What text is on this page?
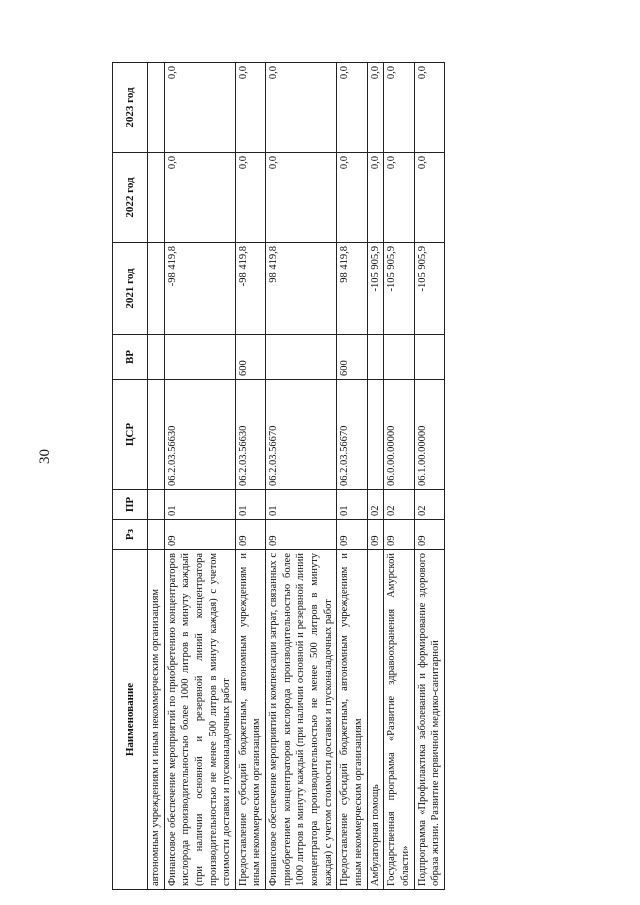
30
Наименование	Рз	ПР	ЦСР	ВР	2021 год	2022 год	2023 год
автономным учреждениям и иным некоммерческим организациям							
Финансовое обеспечение мероприятий по приобретению концентраторов кислорода производительностью более 1000 литров в минуту каждый (при наличии основной и резервной линий концентратора производительностью не менее 500 литров в минуту каждая) с учетом стоимости доставки и пусконаладочных работ	09	01	06.2.03.56630		-98 419,8	0,0	0,0
Предоставление субсидий бюджетным, автономным учреждениям и иным некоммерческим организациям	09	01	06.2.03.56630	600	-98 419,8	0,0	0,0
Финансовое обеспечение мероприятий и компенсации затрат, связанных с приобретением концентраторов кислорода производительностью более 1000 литров в минуту каждый (при наличии основной и резервной линий концентратора производительностью не менее 500 литров в минуту каждая) с учетом стоимости доставки и пусконаладочных работ	09	01	06.2.03.56670		98 419,8	0,0	0,0
Предоставление субсидий бюджетным, автономным учреждениям и иным некоммерческим организациям	09	01	06.2.03.56670	600	98 419,8	0,0	0,0
Амбулаторная помощь	09	02			-105 905,9	0,0	0,0
Государственная программа «Развитие здравоохранения Амурской области»	09	02	06.0.00.00000		-105 905,9	0,0	0,0
Подпрограмма «Профилактика заболеваний и формирование здорового образа жизни. Развитие первичной медико-санитарной	09	02	06.1.00.00000		-105 905,9	0,0	0,0
